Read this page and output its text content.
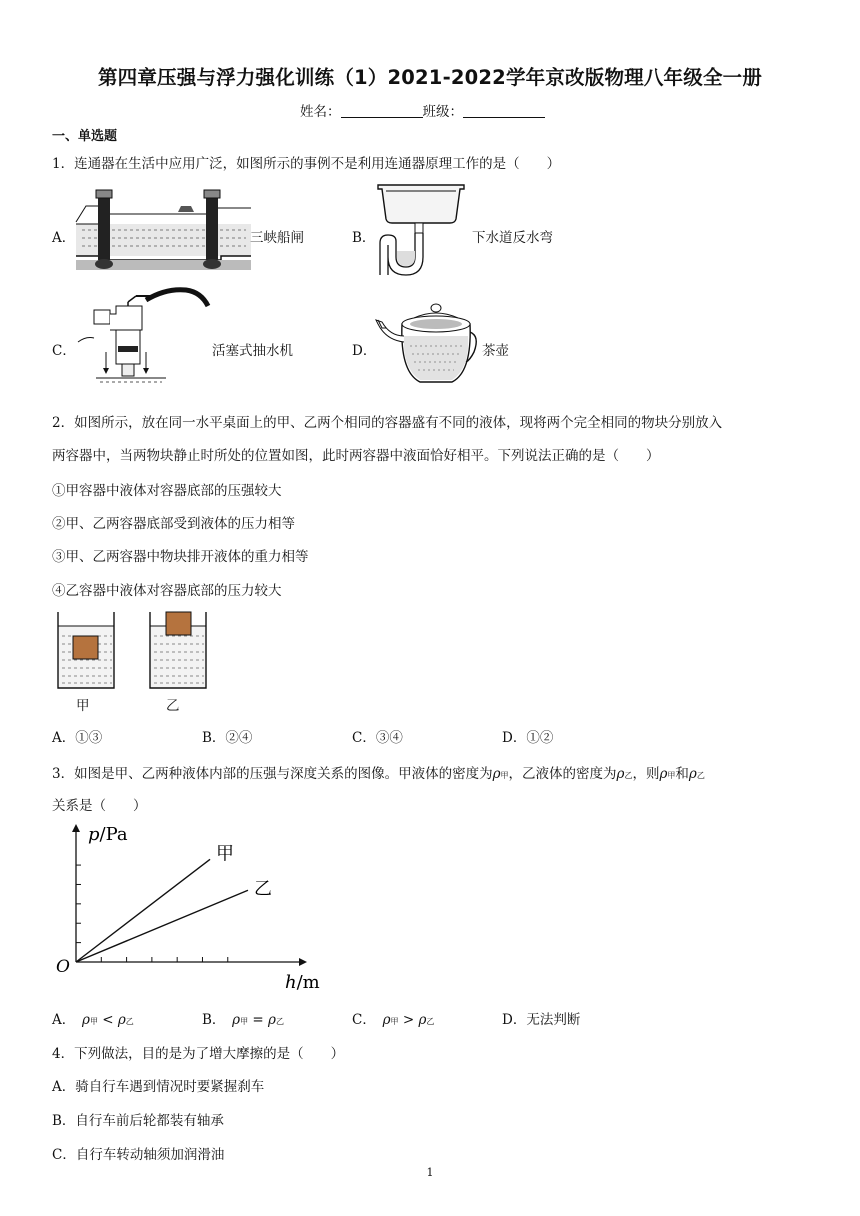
第四章压强与浮力强化训练（1）2021-2022学年京改版物理八年级全一册
姓名：	班级：
一、单选题
1．连通器在生活中应用广泛，如图所示的事例不是利用连通器原理工作的是（　　）
A．	三峡船闸	B．	下水道反水弯
C．	活塞式抽水机	D．	茶壶
2．如图所示，放在同一水平桌面上的甲、乙两个相同的容器盛有不同的液体，现将两个完全相同的物块分别放入
两容器中，当两物块静止时所处的位置如图，此时两容器中液面恰好相平。下列说法正确的是（　　）
①甲容器中液体对容器底部的压强较大
②甲、乙两容器底部受到液体的压力相等
③甲、乙两容器中物块排开液体的重力相等
④乙容器中液体对容器底部的压力较大
甲	乙
A．①③	B．②④	C．③④	D．①②
3．如图是甲、乙两种液体内部的压强与深度关系的图像。甲液体的密度为ρ甲，乙液体的密度为ρ乙，则ρ甲和ρ乙
关系是（　　）
甲
乙
p/Pa
h/m
O
A．　 ρ甲 < ρ乙	B．　 ρ甲 = ρ乙	C．　 ρ甲 > ρ乙	D．无法判断
4．下列做法，目的是为了增大摩擦的是（　　）
A．骑自行车遇到情况时要紧握刹车
B．自行车前后轮都装有轴承
C．自行车转动轴须加润滑油
1
